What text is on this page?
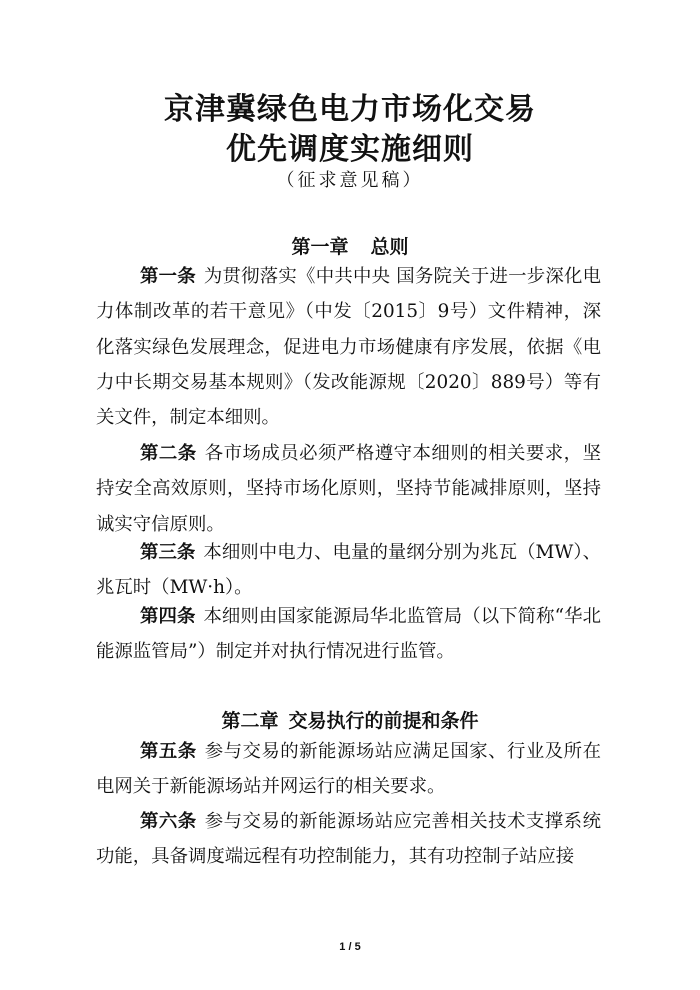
京津冀绿色电力市场化交易
优先调度实施细则
（征求意见稿）
第一章 总则

第一条 为贯彻落实《中共中央 国务院关于进一步深化电力体制改革的若干意见》（中发〔2015〕9号）文件精神，深化落实绿色发展理念，促进电力市场健康有序发展，依据《电力中长期交易基本规则》（发改能源规〔2020〕889号）等有关文件，制定本细则。

第二条 各市场成员必须严格遵守本细则的相关要求，坚持安全高效原则，坚持市场化原则，坚持节能减排原则，坚持诚实守信原则。

第三条 本细则中电力、电量的量纲分别为兆瓦（MW）、兆瓦时（MW·h）。

第四条 本细则由国家能源局华北监管局（以下简称“华北能源监管局”）制定并对执行情况进行监管。

第二章 交易执行的前提和条件

第五条 参与交易的新能源场站应满足国家、行业及所在电网关于新能源场站并网运行的相关要求。

第六条 参与交易的新能源场站应完善相关技术支撑系统功能，具备调度端远程有功控制能力，其有功控制子站应接

1 / 5
